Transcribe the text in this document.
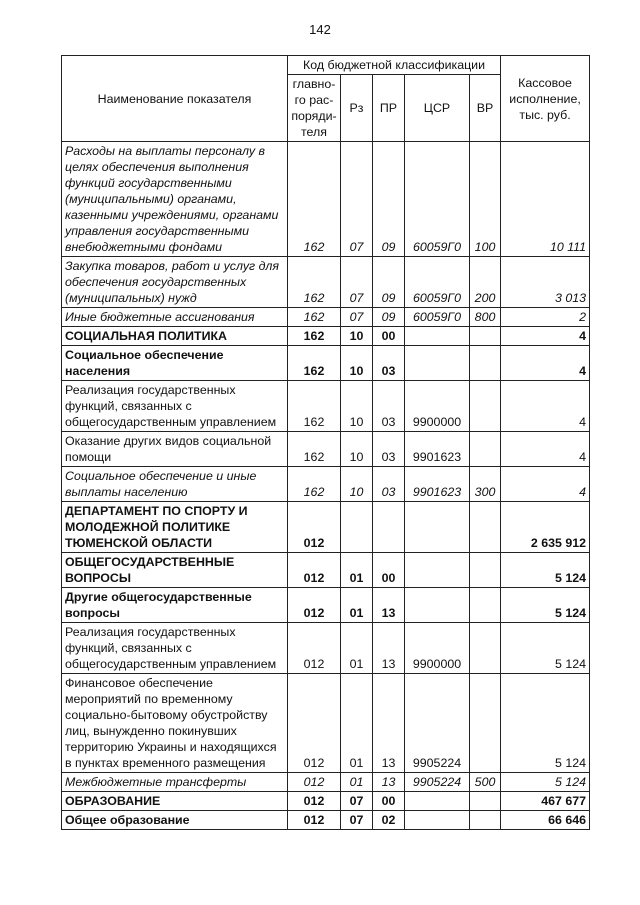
142
Наименование показателя	Код бюджетной классификации					Кассовое исполнение, тыс. руб.
	главно-го рас-поряди-теля	Рз	ПР	ЦСР	ВР	
Расходы на выплаты персоналу в целях обеспечения выполнения функций государственными (муниципальными) органами, казенными учреждениями, органами управления государственными внебюджетными фондами	162	07	09	60059Г0	100	10 111
Закупка товаров, работ и услуг для обеспечения государственных (муниципальных) нужд	162	07	09	60059Г0	200	3 013
Иные бюджетные ассигнования	162	07	09	60059Г0	800	2
СОЦИАЛЬНАЯ ПОЛИТИКА	162	10	00			4
Социальное обеспечение населения	162	10	03			4
Реализация государственных функций, связанных с общегосударственным управлением	162	10	03	9900000		4
Оказание других видов социальной помощи	162	10	03	9901623		4
Социальное обеспечение и иные выплаты населению	162	10	03	9901623	300	4
ДЕПАРТАМЕНТ ПО СПОРТУ И МОЛОДЕЖНОЙ ПОЛИТИКЕ ТЮМЕНСКОЙ ОБЛАСТИ	012					2 635 912
ОБЩЕГОСУДАРСТВЕННЫЕ ВОПРОСЫ	012	01	00			5 124
Другие общегосударственные вопросы	012	01	13			5 124
Реализация государственных функций, связанных с общегосударственным управлением	012	01	13	9900000		5 124
Финансовое обеспечение мероприятий по временному социально-бытовому обустройству лиц, вынужденно покинувших территорию Украины и находящихся в пунктах временного размещения	012	01	13	9905224		5 124
Межбюджетные трансферты	012	01	13	9905224	500	5 124
ОБРАЗОВАНИЕ	012	07	00			467 677
Общее образование	012	07	02			66 646
